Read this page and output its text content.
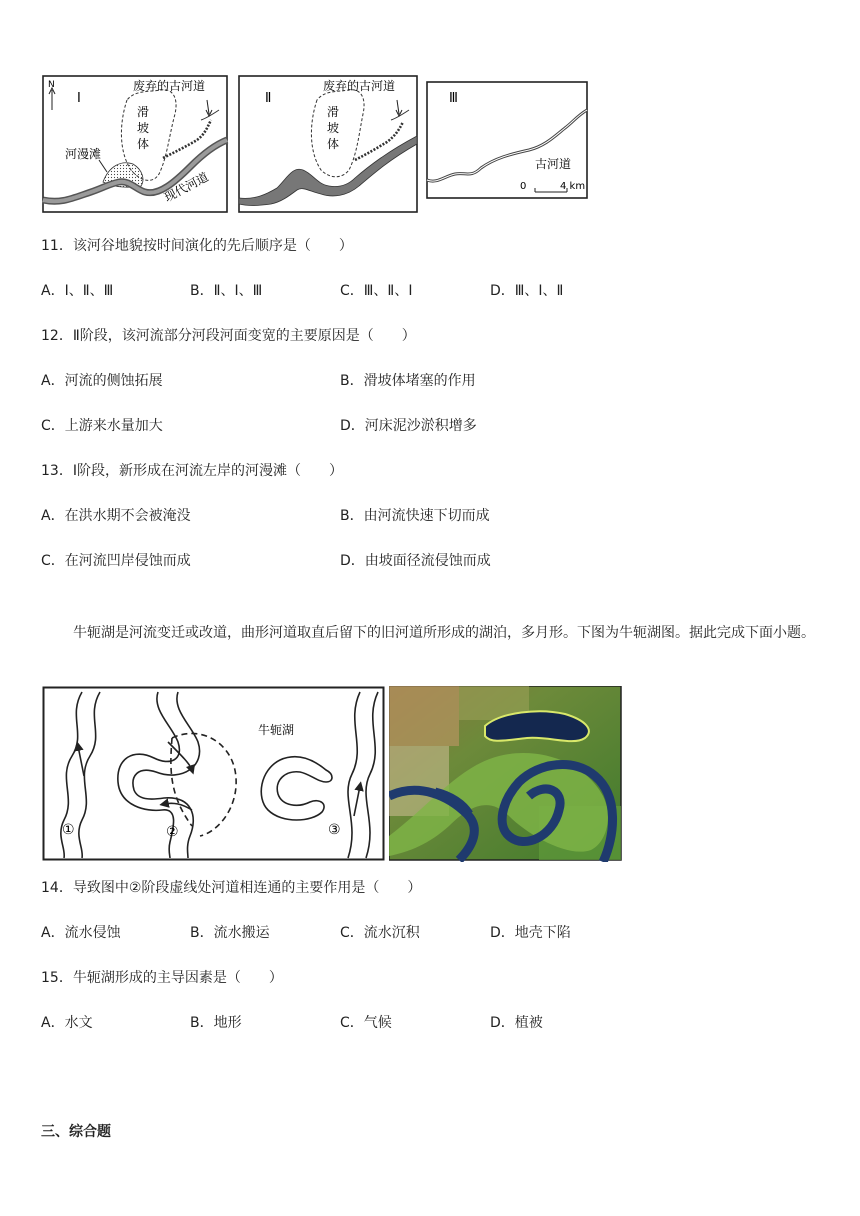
Ⅰ
N	废弃的古河道
滑
坡
体
河漫滩
现代河道
Ⅱ
废弃的古河道
滑
坡
体
Ⅲ
古河道
0	4 km
11．该河谷地貌按时间演化的先后顺序是（　　）
A．Ⅰ、Ⅱ、Ⅲ	B．Ⅱ、Ⅰ、Ⅲ	C．Ⅲ、Ⅱ、Ⅰ	D．Ⅲ、Ⅰ、Ⅱ
12．Ⅱ阶段，该河流部分河段河面变宽的主要原因是（　　）
A．河流的侧蚀拓展	B．滑坡体堵塞的作用
C．上游来水量加大	D．河床泥沙淤积增多
13．Ⅰ阶段，新形成在河流左岸的河漫滩（　　）
A．在洪水期不会被淹没	B．由河流快速下切而成
C．在河流凹岸侵蚀而成	D．由坡面径流侵蚀而成
牛轭湖是河流变迁或改道，曲形河道取直后留下的旧河道所形成的湖泊，多月形。下图为牛轭湖图。据此完成下面小题。
牛轭湖
①	②	③
14．导致图中②阶段虚线处河道相连通的主要作用是（　　）
A．流水侵蚀	B．流水搬运	C．流水沉积	D．地壳下陷
15．牛轭湖形成的主导因素是（　　）
A．水文	B．地形	C．气候	D．植被
三、综合题
